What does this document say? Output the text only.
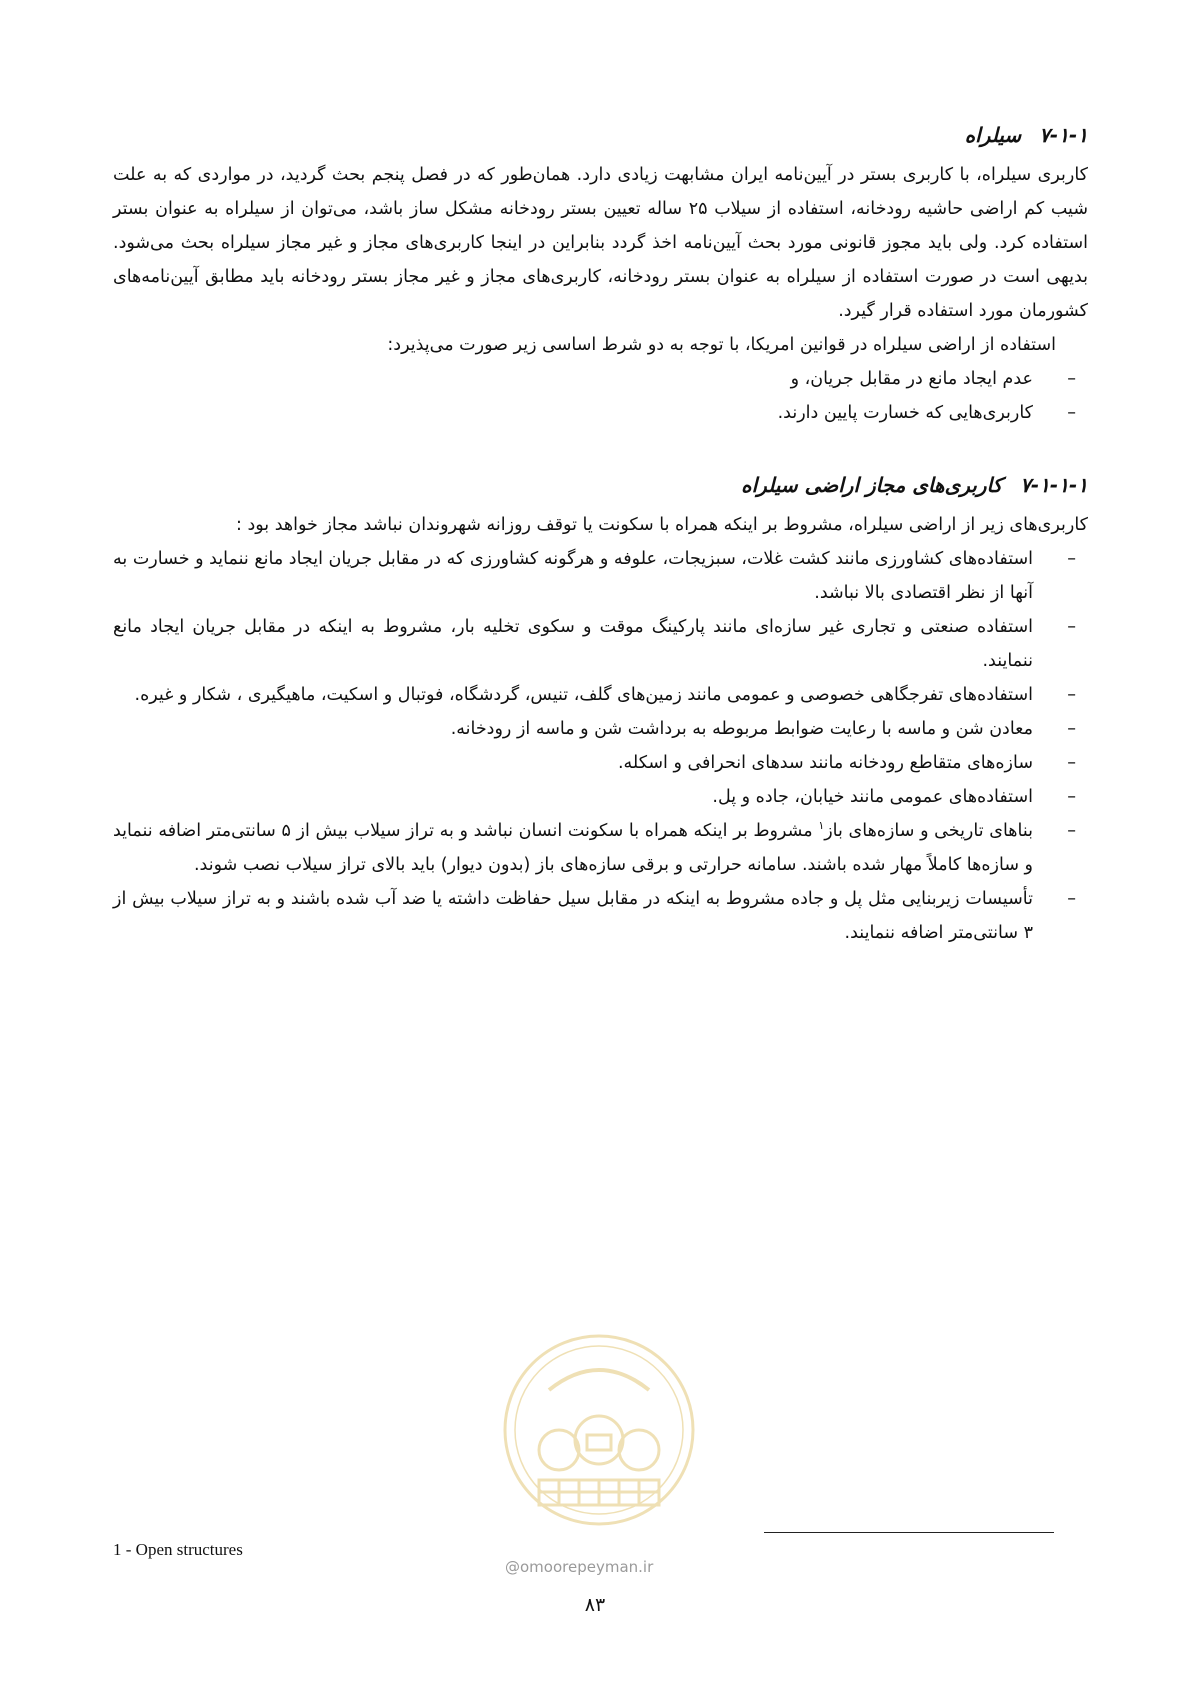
۷-۱-۱سیلراه

کاربری سیلراه، با کاربری بستر در آیین‌نامه ایران مشابهت زیادی دارد. همان‌طور که در فصل پنجم بحث گردید، در مواردی که به علت شیب کم اراضی حاشیه رودخانه، استفاده از سیلاب ۲۵ ساله تعیین بستر رودخانه مشکل ساز باشد، می‌توان از سیلراه به عنوان بستر استفاده کرد. ولی باید مجوز قانونی مورد بحث آیین‌نامه اخذ گردد بنابراین در اینجا کاربری‌های مجاز و غیر مجاز سیلراه بحث می‌شود. بدیهی است در صورت استفاده از سیلراه به عنوان بستر رودخانه، کاربری‌های مجاز و غیر مجاز بستر رودخانه باید مطابق آیین‌نامه‌های کشورمان مورد استفاده قرار گیرد.

استفاده از اراضی سیلراه در قوانین امریکا، با توجه به دو شرط اساسی زیر صورت می‌پذیرد:

–
عدم ایجاد مانع در مقابل جریان، و
–
کاربری‌هایی که خسارت پایین دارند.
۷-۱-۱-۱کاربری‌های مجاز اراضی سیلراه

کاربری‌های زیر از اراضی سیلراه، مشروط بر اینکه همراه با سکونت یا توقف روزانه شهروندان نباشد مجاز خواهد بود :

–
استفاده‌های کشاورزی مانند کشت غلات، سبزیجات، علوفه و هرگونه کشاورزی که در مقابل جریان ایجاد مانع ننماید و خسارت به آنها از نظر اقتصادی بالا نباشد.
–
استفاده صنعتی و تجاری غیر سازه‌ای مانند پارکینگ موقت و سکوی تخلیه بار، مشروط به اینکه در مقابل جریان ایجاد مانع ننمایند.
–
استفاده‌های تفرجگاهی خصوصی و عمومی مانند زمین‌های گلف، تنیس، گردشگاه، فوتبال و اسکیت، ماهیگیری ، شکار و غیره.
–
معادن شن و ماسه با رعایت ضوابط مربوطه به برداشت شن و ماسه از رودخانه.
–
سازه‌های متقاطع رودخانه مانند سدهای انحرافی و اسکله.
–
استفاده‌های عمومی مانند خیابان، جاده و پل.
–
بناهای تاریخی و سازه‌های باز$^۱$ مشروط بر اینکه همراه با سکونت انسان نباشد و به تراز سیلاب بیش از ۵ سانتی‌متر اضافه ننماید و سازه‌ها کاملاً مهار شده باشند. سامانه حرارتی و برقی سازه‌های باز (بدون دیوار) باید بالای تراز سیلاب نصب شوند.
–
تأسیسات زیربنایی مثل پل و جاده مشروط به اینکه در مقابل سیل حفاظت داشته یا ضد آب شده باشند و به تراز سیلاب بیش از ۳ سانتی‌متر اضافه ننمایند.
@omoorepeyman.ir
1 - Open structures
۸۳
